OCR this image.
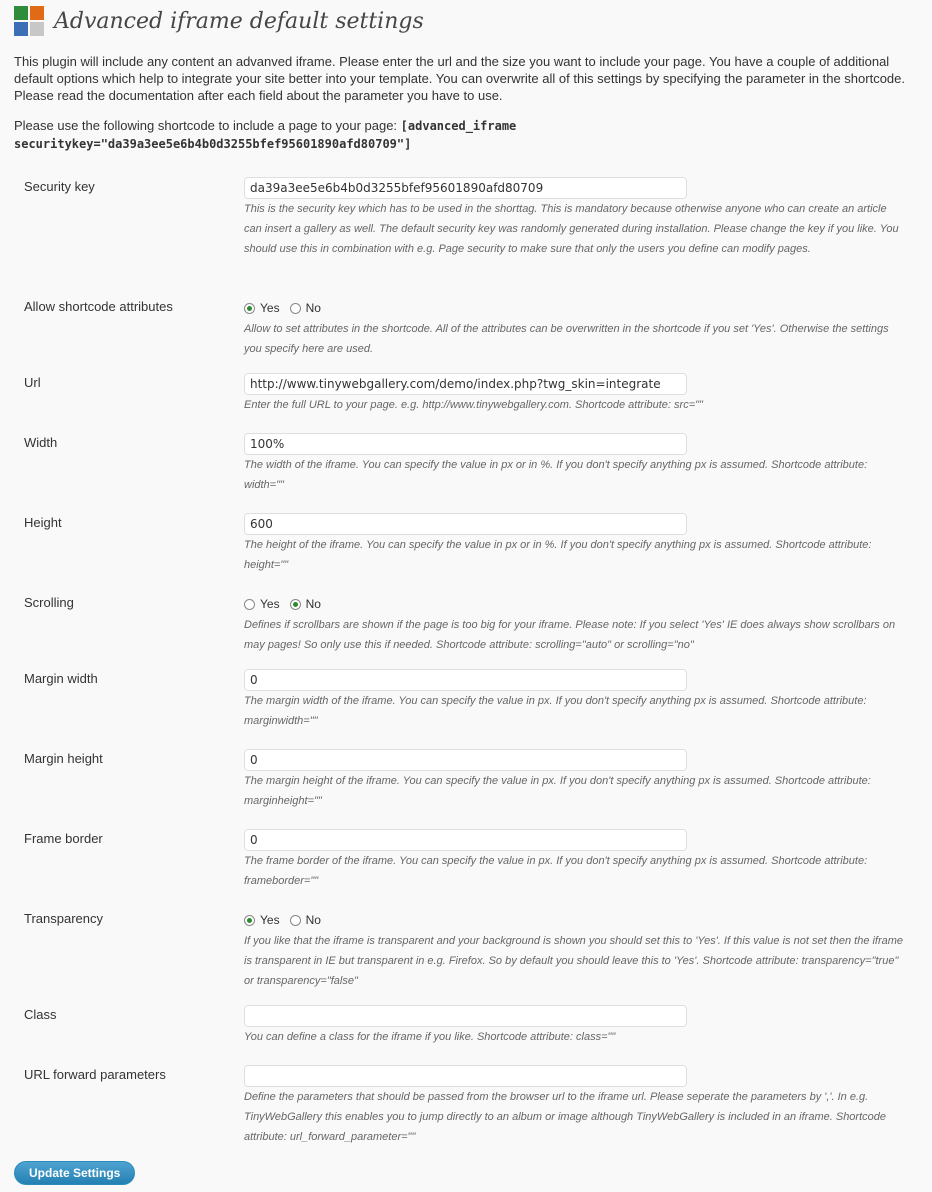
Advanced iframe default settings

This plugin will include any content an advanved iframe. Please enter the url and the size you want to include your page. You have a couple of additional default options which help to integrate your site better into your template. You can overwrite all of this settings by specifying the parameter in the shortcode. Please read the documentation after each field about the parameter you have to use.

Please use the following shortcode to include a page to your page: [advanced_iframe securitykey="da39a3ee5e6b4b0d3255bfef95601890afd80709"]

Security key
da39a3ee5e6b4b0d3255bfef95601890afd80709

This is the security key which has to be used in the shorttag. This is mandatory because otherwise anyone who can create an article can insert a gallery as well. The default security key was randomly generated during installation. Please change the key if you like. You should use this in combination with e.g. Page security to make sure that only the users you define can modify pages.

Allow shortcode attributes	Yes No

Allow to set attributes in the shortcode. All of the attributes can be overwritten in the shortcode if you set 'Yes'. Otherwise the settings you specify here are used.

Url
http://www.tinywebgallery.com/demo/index.php?twg_skin=integrate

Enter the full URL to your page. e.g. http://www.tinywebgallery.com. Shortcode attribute: src=""

Width
100%

The width of the iframe. You can specify the value in px or in %. If you don't specify anything px is assumed. Shortcode attribute: width=""

Height
600

The height of the iframe. You can specify the value in px or in %. If you don't specify anything px is assumed. Shortcode attribute: height=""

Scrolling	Yes No

Defines if scrollbars are shown if the page is too big for your iframe. Please note: If you select 'Yes' IE does always show scrollbars on may pages! So only use this if needed. Shortcode attribute: scrolling="auto" or scrolling="no"

Margin width
0

The margin width of the iframe. You can specify the value in px. If you don't specify anything px is assumed. Shortcode attribute: marginwidth=""

Margin height
0

The margin height of the iframe. You can specify the value in px. If you don't specify anything px is assumed. Shortcode attribute: marginheight=""

Frame border
0

The frame border of the iframe. You can specify the value in px. If you don't specify anything px is assumed. Shortcode attribute: frameborder=""

Transparency	Yes No

If you like that the iframe is transparent and your background is shown you should set this to 'Yes'. If this value is not set then the iframe is transparent in IE but transparent in e.g. Firefox. So by default you should leave this to 'Yes'. Shortcode attribute: transparency="true" or transparency="false"

Class

You can define a class for the iframe if you like. Shortcode attribute: class=""

URL forward parameters

Define the parameters that should be passed from the browser url to the iframe url. Please seperate the parameters by ','. In e.g. TinyWebGallery this enables you to jump directly to an album or image although TinyWebGallery is included in an iframe. Shortcode attribute: url_forward_parameter=""

Update Settings
